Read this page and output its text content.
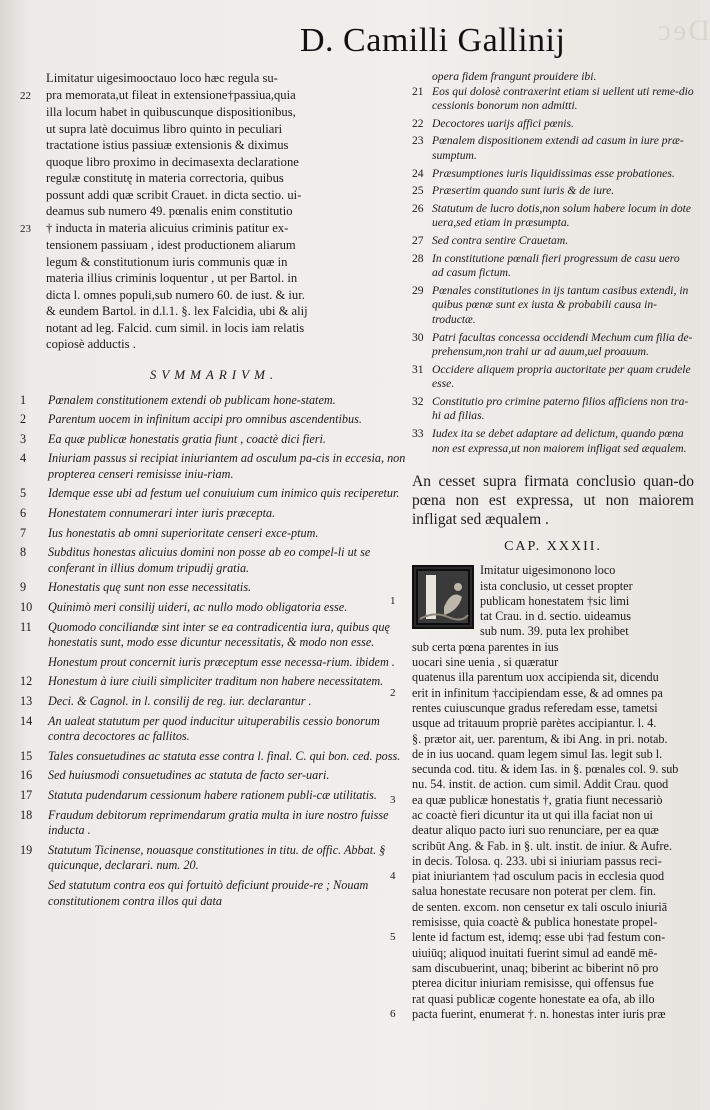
Dec
D. Camilli Gallinij

Limitatur uigesimooctauo loco hæc regula su-

22 pra memorata,ut fileat in extensione†passiua,quia

illa locum habet in quibuscunque dispositionibus,

ut supra latè docuimus libro quinto in peculiari

tractatione istius passiuæ extensionis & diximus

quoque libro proximo in decimasexta declaratione

regulæ constitutę in materia correctoria, quibus

possunt addi quæ scribit Crauet. in dicta sectio. ui-

deamus sub numero 49. pœnalis enim constitutio

23 † inducta in materia alicuius criminis patitur ex-

tensionem passiuam , idest productionem aliarum

legum & constitutionum iuris communis quæ in

materia illius criminis loquentur , ut per Bartol. in

dicta l. omnes populi,sub numero 60. de iust. & iur.

& eundem Bartol. in d.l.1. §. lex Falcidia, ubi & alij

notant ad leg. Falcid. cum simil. in locis iam relatis

copiosè adductis .

SVMMARIVM.
1 Pœnalem constitutionem extendi ob publicam hone-statem.
2 Parentum uocem in infinitum accipi pro omnibus ascendentibus.
3 Ea quæ publicæ honestatis gratia fiunt , coactè dici fieri.
4 Iniuriam passus si recipiat iniuriantem ad osculum pa-cis in eccesia, non propterea censeri remisisse iniu-riam.
5 Idemque esse ubi ad festum uel conuiuium cum inimico quis reciperetur.
6 Honestatem connumerari inter iuris præcepta.
7 Ius honestatis ab omni superioritate censeri exce-ptum.
8 Subditus honestas alicuius domini non posse ab eo compel-li ut se conferant in illius domum tripudij gratia.
9 Honestatis quę sunt non esse necessitatis.
10 Quinimò meri consilij uideri, ac nullo modo obligatoria esse.
11 Quomodo conciliandæ sint inter se ea contradicentia iura, quibus quę honestatis sunt, modo esse dicuntur necessitatis, & modo non esse.
Honestum prout concernit iuris præceptum esse necessa-rium. ibidem .
12 Honestum à iure ciuili simpliciter traditum non habere necessitatem.
13 Deci. & Cagnol. in l. consilij de reg. iur. declarantur .
14 An ualeat statutum per quod inducitur uituperabilis cessio bonorum contra decoctores ac fallitos.
15 Tales consuetudines ac statuta esse contra l. final. C. qui bon. ced. poss.
16 Sed huiusmodi consuetudines ac statuta de facto ser-uari.
17 Statuta pudendarum cessionum habere rationem publi-cæ utilitatis.
18 Fraudum debitorum reprimendarum gratia multa in iure nostro fuisse inducta .
19 Statutum Ticinense, nouasque constitutiones in titu. de offic. Abbat. § quicunque, declarari. num. 20.
Sed statutum contra eos qui fortuitò deficiunt prouide-re ; Nouam constitutionem contra illos qui data
opera fidem frangunt prouidere ibi.
21 Eos qui dolosè contraxerint etiam si uellent uti reme-dio cessionis bonorum non admitti.
22 Decoctores uarijs affici pœnis.
23 Pœnalem dispositionem extendi ad casum in iure præ-sumptum.
24 Præsumptiones iuris liquidissimas esse probationes.
25 Præsertim quando sunt iuris & de iure.
26 Statutum de lucro dotis,non solum habere locum in dote uera,sed etiam in præsumpta.
27 Sed contra sentire Crauetam.
28 In constitutione pœnali fieri progressum de casu uero ad casum fictum.
29 Pœnales constitutiones in ijs tantum casibus extendi, in quibus pœnæ sunt ex iusta & probabili causa in-troductæ.
30 Patri facultas concessa occidendi Mechum cum filia de-prehensum,non trahi ur ad auum,uel proauum.
31 Occidere aliquem propria auctoritate per quam crudele esse.
32 Constitutio pro crimine paterno filios afficiens non tra-hi ad filias.
33 Iudex ita se debet adaptare ad delictum, quando pœna non est expressa,ut non maiorem infligat sed æqualem.
An cesset supra firmata conclusio quan-do pœna non est expressa, ut non maiorem infligat sed æqualem .
CAP. XXXII.
Imitatur uigesimonono loco
ista conclusio, ut cesset propter
1	publicam honestatem †sic limi
tat Crau. in d. sectio. uideamus
sub num. 39. puta lex prohibet
sub certa pœna parentes in ius
uocari sine uenia , si quæratur
quatenus illa parentum uox accipienda sit, dicendu
2 erit in infinitum †accipiendam esse, & ad omnes pa
rentes cuiuscunque gradus referedam esse, tametsi
usque ad tritauum propriè parètes accipiantur. l. 4.
§. prætor ait, uer. parentum, & ibi Ang. in pri. notab.
de in ius uocand. quam legem simul Ias. legit sub l.
secunda cod. titu. & idem Ias. in §. pœnales col. 9. sub
nu. 54. instit. de action. cum simil. Addit Crau. quod
3 ea quæ publicæ honestatis †, gratia fiunt necessariò
ac coactè fieri dicuntur ita ut qui illa faciat non ui
deatur aliquo pacto iuri suo renunciare, per ea quæ
scribūt Ang. & Fab. in §. ult. instit. de iniur. & Aufre.
in decis. Tolosa. q. 233. ubi si iniuriam passus reci-
4 piat iniuriantem †ad osculum pacis in ecclesia quod
salua honestate recusare non poterat per clem. fin.
de senten. excom. non censetur ex tali osculo iniuriā
remisisse, quia coactè & publica honestate propel-
5 lente id factum est, idemq; esse ubi †ad festum con-
uiuiūq; aliquod inuitati fuerint simul ad eandē mē-
sam discubuerint, unaq; biberint ac biberint nō pro
pterea dicitur iniuriam remisisse, qui offensus fue
rat quasi publicæ cogente honestate ea ofa, ab illo
6 pacta fuerint, enumerat †. n. honestas inter iuris præ
